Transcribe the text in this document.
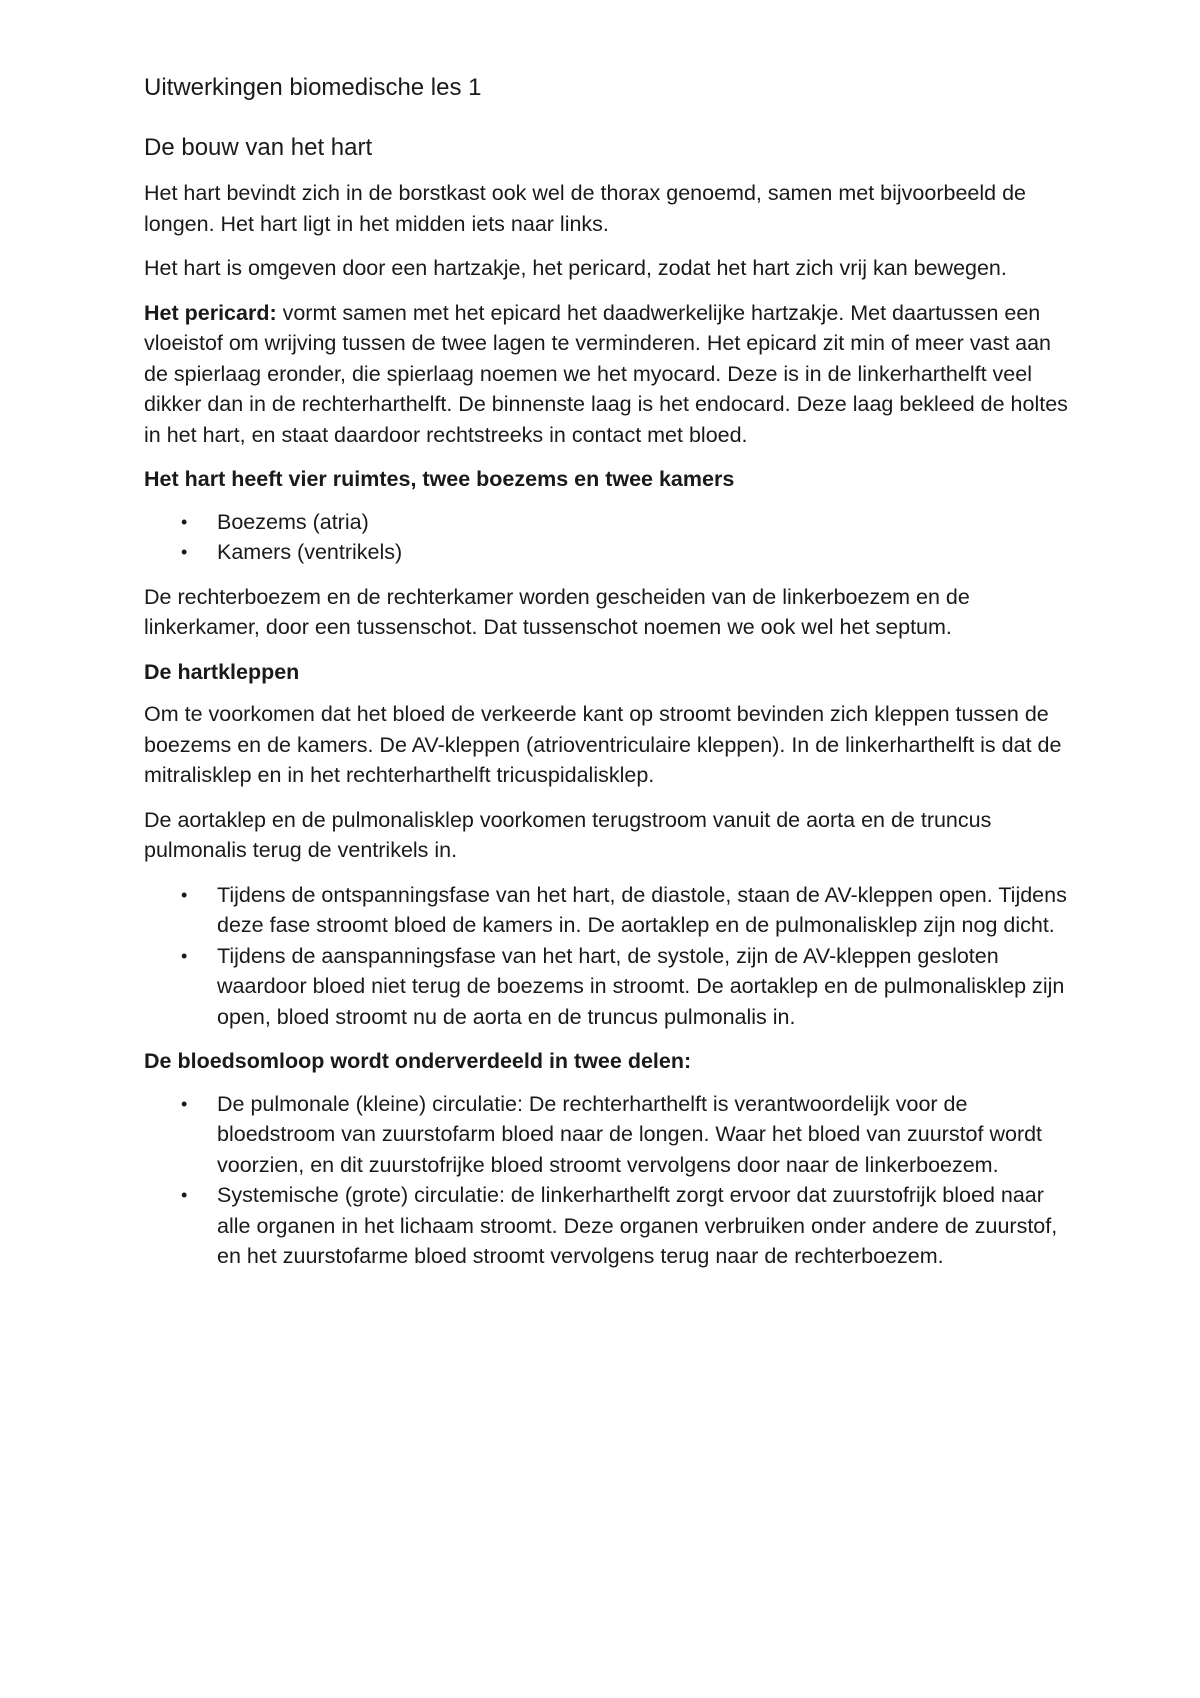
Uitwerkingen biomedische les 1
De bouw van het hart

Het hart bevindt zich in de borstkast ook wel de thorax genoemd, samen met bijvoorbeeld de longen. Het hart ligt in het midden iets naar links.

Het hart is omgeven door een hartzakje, het pericard, zodat het hart zich vrij kan bewegen.

Het pericard: vormt samen met het epicard het daadwerkelijke hartzakje. Met daartussen een vloeistof om wrijving tussen de twee lagen te verminderen. Het epicard zit min of meer vast aan de spierlaag eronder, die spierlaag noemen we het myocard. Deze is in de linkerharthelft veel dikker dan in de rechterharthelft. De binnenste laag is het endocard. Deze laag bekleed de holtes in het hart, en staat daardoor rechtstreeks in contact met bloed.

Het hart heeft vier ruimtes, twee boezems en twee kamers
• Boezems (atria)
• Kamers (ventrikels)

De rechterboezem en de rechterkamer worden gescheiden van de linkerboezem en de linkerkamer, door een tussenschot. Dat tussenschot noemen we ook wel het septum.

De hartkleppen

Om te voorkomen dat het bloed de verkeerde kant op stroomt bevinden zich kleppen tussen de boezems en de kamers. De AV-kleppen (atrioventriculaire kleppen). In de linkerharthelft is dat de mitralisklep en in het rechterharthelft tricuspidalisklep.

De aortaklep en de pulmonalisklep voorkomen terugstroom vanuit de aorta en de truncus pulmonalis terug de ventrikels in.

• Tijdens de ontspanningsfase van het hart, de diastole, staan de AV-kleppen open. Tijdens deze fase stroomt bloed de kamers in. De aortaklep en de pulmonalisklep zijn nog dicht.
• Tijdens de aanspanningsfase van het hart, de systole, zijn de AV-kleppen gesloten waardoor bloed niet terug de boezems in stroomt. De aortaklep en de pulmonalisklep zijn open, bloed stroomt nu de aorta en de truncus pulmonalis in.
De bloedsomloop wordt onderverdeeld in twee delen:
• De pulmonale (kleine) circulatie: De rechterharthelft is verantwoordelijk voor de bloedstroom van zuurstofarm bloed naar de longen. Waar het bloed van zuurstof wordt voorzien, en dit zuurstofrijke bloed stroomt vervolgens door naar de linkerboezem.
• Systemische (grote) circulatie: de linkerharthelft zorgt ervoor dat zuurstofrijk bloed naar alle organen in het lichaam stroomt. Deze organen verbruiken onder andere de zuurstof, en het zuurstofarme bloed stroomt vervolgens terug naar de rechterboezem.
